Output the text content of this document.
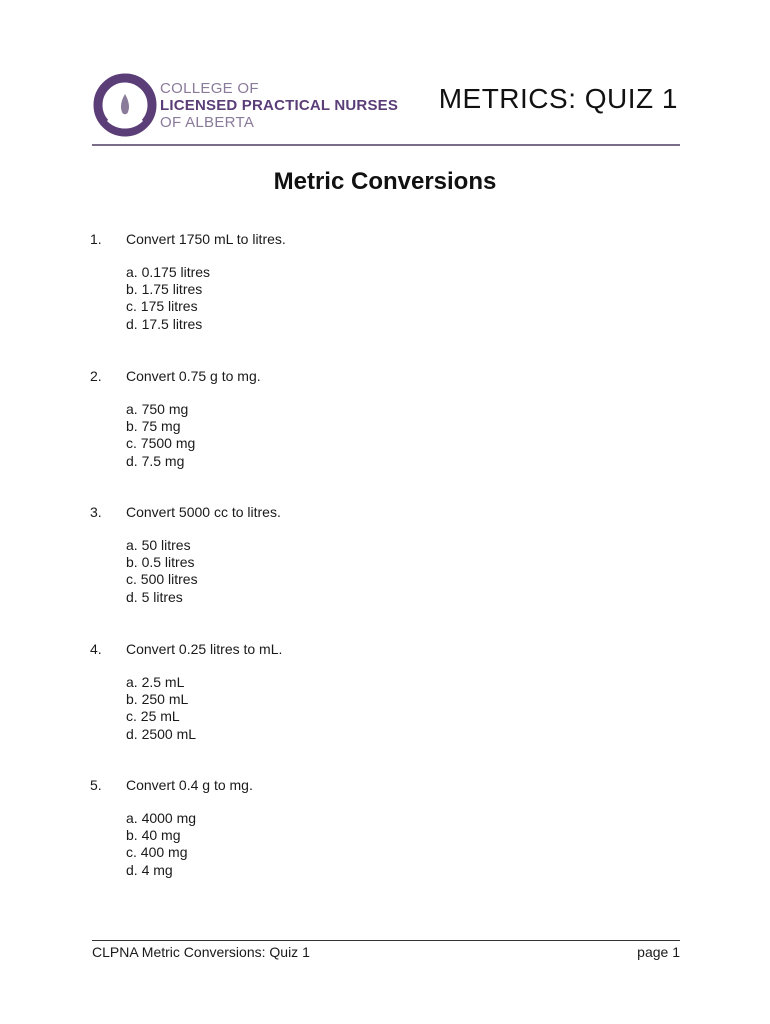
COLLEGE OF
LICENSED PRACTICAL NURSES
OF ALBERTA
METRICS: QUIZ 1
Metric Conversions
1. Convert 1750 mL to litres.
a. 0.175 litres
b. 1.75 litres
c. 175 litres
d. 17.5 litres
2. Convert 0.75 g to mg.
a. 750 mg
b. 75 mg
c. 7500 mg
d. 7.5 mg
3. Convert 5000 cc to litres.
a. 50 litres
b. 0.5 litres
c. 500 litres
d. 5 litres
4. Convert 0.25 litres to mL.
a. 2.5 mL
b. 250 mL
c. 25 mL
d. 2500 mL
5. Convert 0.4 g to mg.
a. 4000 mg
b. 40 mg
c. 400 mg
d. 4 mg
CLPNA Metric Conversions: Quiz 1	page 1
